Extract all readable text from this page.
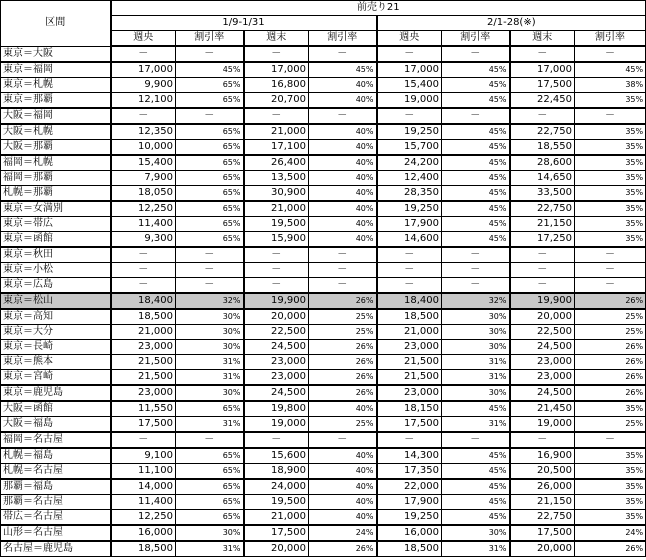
区間	前売り21							
	1/9-1/31				2/1-28(※)			
	週央	割引率	週末	割引率	週央	割引率	週末	割引率
東京＝大阪	－	－	－	－	－	－	－	－
東京＝福岡	17,000	45%	17,000	45%	17,000	45%	17,000	45%
東京＝札幌	9,900	65%	16,800	40%	15,400	45%	17,500	38%
東京＝那覇	12,100	65%	20,700	40%	19,000	45%	22,450	35%
大阪＝福岡	－	－	－	－	－	－	－	－
大阪＝札幌	12,350	65%	21,000	40%	19,250	45%	22,750	35%
大阪＝那覇	10,000	65%	17,100	40%	15,700	45%	18,550	35%
福岡＝札幌	15,400	65%	26,400	40%	24,200	45%	28,600	35%
福岡＝那覇	7,900	65%	13,500	40%	12,400	45%	14,650	35%
札幌＝那覇	18,050	65%	30,900	40%	28,350	45%	33,500	35%
東京＝女満別	12,250	65%	21,000	40%	19,250	45%	22,750	35%
東京＝帯広	11,400	65%	19,500	40%	17,900	45%	21,150	35%
東京＝函館	9,300	65%	15,900	40%	14,600	45%	17,250	35%
東京＝秋田	－	－	－	－	－	－	－	－
東京＝小松	－	－	－	－	－	－	－	－
東京＝広島	－	－	－	－	－	－	－	－
東京＝松山	18,400	32%	19,900	26%	18,400	32%	19,900	26%
東京＝高知	18,500	30%	20,000	25%	18,500	30%	20,000	25%
東京＝大分	21,000	30%	22,500	25%	21,000	30%	22,500	25%
東京＝長崎	23,000	30%	24,500	26%	23,000	30%	24,500	26%
東京＝熊本	21,500	31%	23,000	26%	21,500	31%	23,000	26%
東京＝宮崎	21,500	31%	23,000	26%	21,500	31%	23,000	26%
東京＝鹿児島	23,000	30%	24,500	26%	23,000	30%	24,500	26%
大阪＝函館	11,550	65%	19,800	40%	18,150	45%	21,450	35%
大阪＝福島	17,500	31%	19,000	25%	17,500	31%	19,000	25%
福岡＝名古屋	－	－	－	－	－	－	－	－
札幌＝福島	9,100	65%	15,600	40%	14,300	45%	16,900	35%
札幌＝名古屋	11,100	65%	18,900	40%	17,350	45%	20,500	35%
那覇＝福島	14,000	65%	24,000	40%	22,000	45%	26,000	35%
那覇＝名古屋	11,400	65%	19,500	40%	17,900	45%	21,150	35%
帯広＝名古屋	12,250	65%	21,000	40%	19,250	45%	22,750	35%
山形＝名古屋	16,000	30%	17,500	24%	16,000	30%	17,500	24%
名古屋＝鹿児島	18,500	31%	20,000	26%	18,500	31%	20,000	26%
